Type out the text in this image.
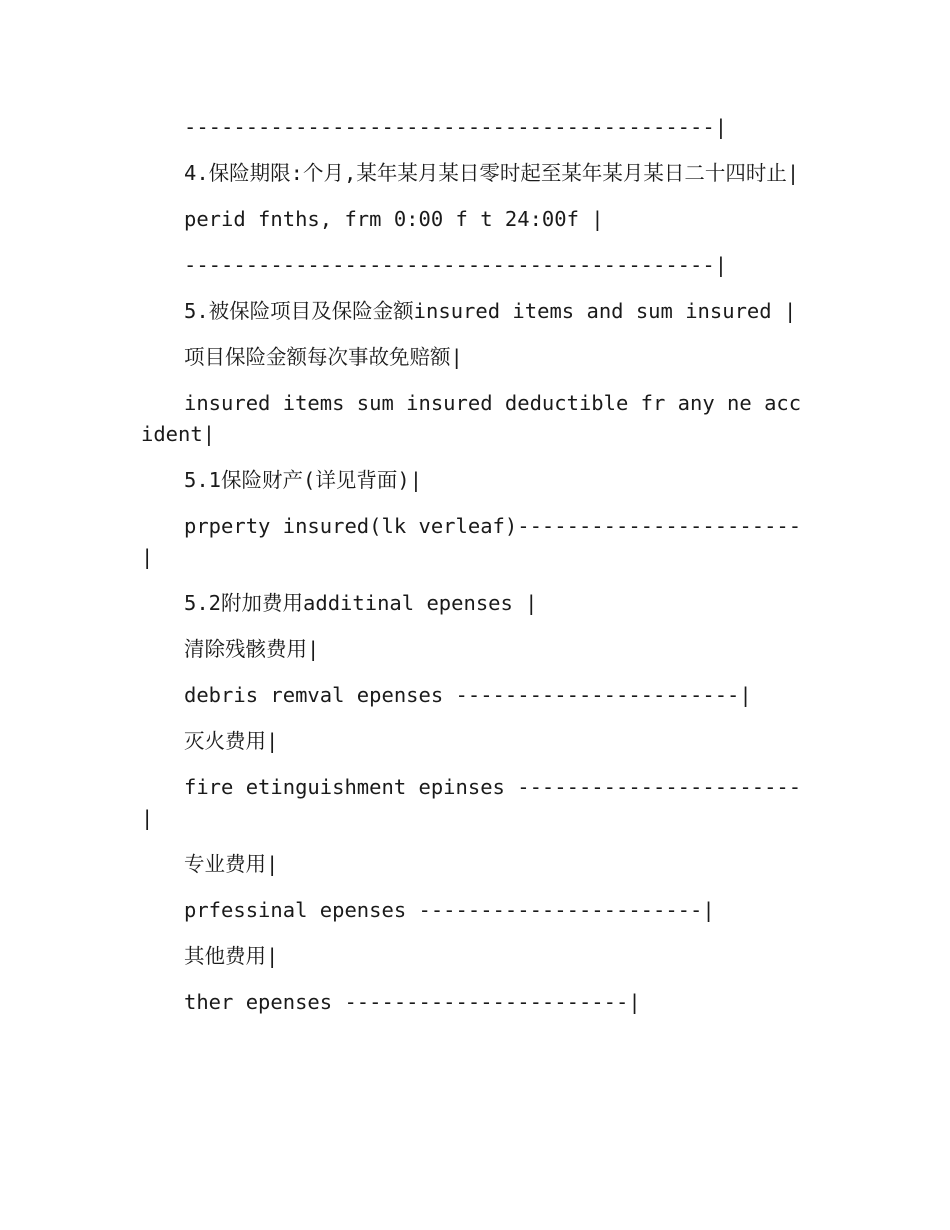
-------------------------------------------|

4.保险期限:个月,某年某月某日零时起至某年某月某日二十四时止|

perid fnths, frm 0:00 f t 24:00f |

-------------------------------------------|

5.被保险项目及保险金额insured items and sum insured |

项目保险金额每次事故免赔额|

insured items sum insured deductible fr any ne accident|

5.1保险财产(详见背面)|

prperty insured(lk verleaf)-----------------------|

5.2附加费用additinal epenses |

清除残骸费用|

debris remval epenses -----------------------|

灭火费用|

fire etinguishment epinses -----------------------|

专业费用|

prfessinal epenses -----------------------|

其他费用|

ther epenses -----------------------|
